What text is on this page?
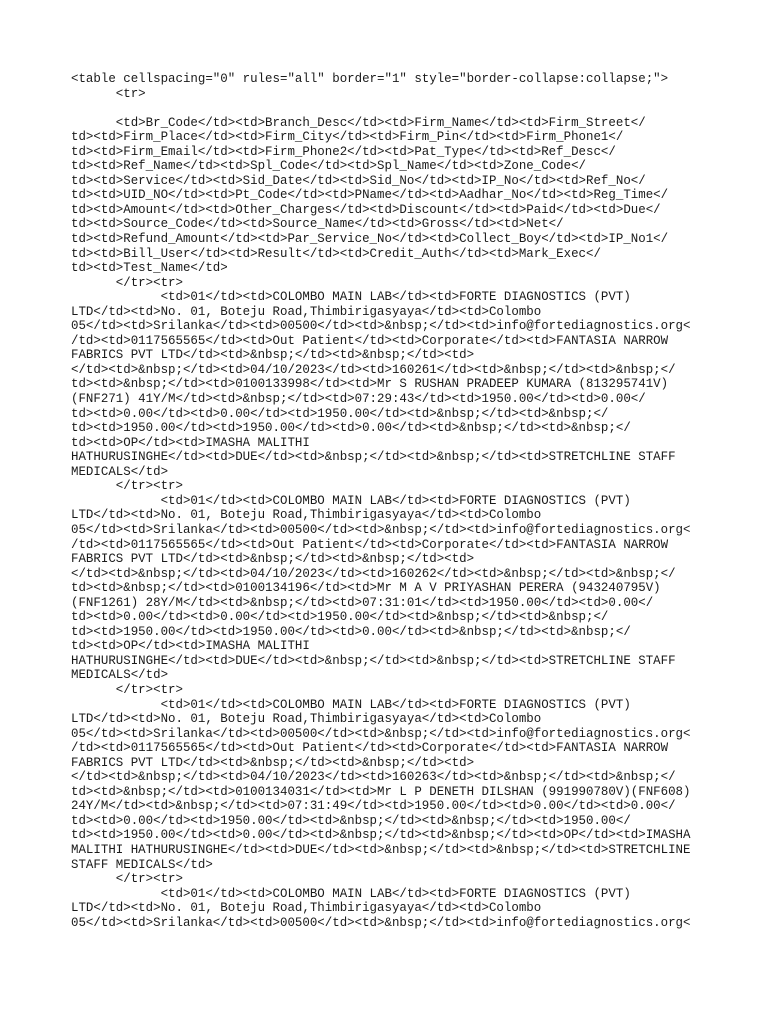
<table cellspacing="0" rules="all" border="1" style="border-collapse:collapse;">
<tr>
<td>Br_Code</td><td>Branch_Desc</td><td>Firm_Name</td><td>Firm_Street</
td><td>Firm_Place</td><td>Firm_City</td><td>Firm_Pin</td><td>Firm_Phone1</
td><td>Firm_Email</td><td>Firm_Phone2</td><td>Pat_Type</td><td>Ref_Desc</
td><td>Ref_Name</td><td>Spl_Code</td><td>Spl_Name</td><td>Zone_Code</
td><td>Service</td><td>Sid_Date</td><td>Sid_No</td><td>IP_No</td><td>Ref_No</
td><td>UID_NO</td><td>Pt_Code</td><td>PName</td><td>Aadhar_No</td><td>Reg_Time</
td><td>Amount</td><td>Other_Charges</td><td>Discount</td><td>Paid</td><td>Due</
td><td>Source_Code</td><td>Source_Name</td><td>Gross</td><td>Net</
td><td>Refund_Amount</td><td>Par_Service_No</td><td>Collect_Boy</td><td>IP_No1</
td><td>Bill_User</td><td>Result</td><td>Credit_Auth</td><td>Mark_Exec</
td><td>Test_Name</td>
</tr><tr>
<td>01</td><td>COLOMBO MAIN LAB</td><td>FORTE DIAGNOSTICS (PVT)
LTD</td><td>No. 01, Boteju Road,Thimbirigasyaya</td><td>Colombo
05</td><td>Srilanka</td><td>00500</td><td>&nbsp;</td><td>info@fortediagnostics.org<
/td><td>0117565565</td><td>Out Patient</td><td>Corporate</td><td>FANTASIA NARROW
FABRICS PVT LTD</td><td>&nbsp;</td><td>&nbsp;</td><td>
</td><td>&nbsp;</td><td>04/10/2023</td><td>160261</td><td>&nbsp;</td><td>&nbsp;</
td><td>&nbsp;</td><td>0100133998</td><td>Mr S RUSHAN PRADEEP KUMARA (813295741V)
(FNF271) 41Y/M</td><td>&nbsp;</td><td>07:29:43</td><td>1950.00</td><td>0.00</
td><td>0.00</td><td>0.00</td><td>1950.00</td><td>&nbsp;</td><td>&nbsp;</
td><td>1950.00</td><td>1950.00</td><td>0.00</td><td>&nbsp;</td><td>&nbsp;</
td><td>OP</td><td>IMASHA MALITHI
HATHURUSINGHE</td><td>DUE</td><td>&nbsp;</td><td>&nbsp;</td><td>STRETCHLINE STAFF
MEDICALS</td>
</tr><tr>
<td>01</td><td>COLOMBO MAIN LAB</td><td>FORTE DIAGNOSTICS (PVT)
LTD</td><td>No. 01, Boteju Road,Thimbirigasyaya</td><td>Colombo
05</td><td>Srilanka</td><td>00500</td><td>&nbsp;</td><td>info@fortediagnostics.org<
/td><td>0117565565</td><td>Out Patient</td><td>Corporate</td><td>FANTASIA NARROW
FABRICS PVT LTD</td><td>&nbsp;</td><td>&nbsp;</td><td>
</td><td>&nbsp;</td><td>04/10/2023</td><td>160262</td><td>&nbsp;</td><td>&nbsp;</
td><td>&nbsp;</td><td>0100134196</td><td>Mr M A V PRIYASHAN PERERA (943240795V)
(FNF1261) 28Y/M</td><td>&nbsp;</td><td>07:31:01</td><td>1950.00</td><td>0.00</
td><td>0.00</td><td>0.00</td><td>1950.00</td><td>&nbsp;</td><td>&nbsp;</
td><td>1950.00</td><td>1950.00</td><td>0.00</td><td>&nbsp;</td><td>&nbsp;</
td><td>OP</td><td>IMASHA MALITHI
HATHURUSINGHE</td><td>DUE</td><td>&nbsp;</td><td>&nbsp;</td><td>STRETCHLINE STAFF
MEDICALS</td>
</tr><tr>
<td>01</td><td>COLOMBO MAIN LAB</td><td>FORTE DIAGNOSTICS (PVT)
LTD</td><td>No. 01, Boteju Road,Thimbirigasyaya</td><td>Colombo
05</td><td>Srilanka</td><td>00500</td><td>&nbsp;</td><td>info@fortediagnostics.org<
/td><td>0117565565</td><td>Out Patient</td><td>Corporate</td><td>FANTASIA NARROW
FABRICS PVT LTD</td><td>&nbsp;</td><td>&nbsp;</td><td>
</td><td>&nbsp;</td><td>04/10/2023</td><td>160263</td><td>&nbsp;</td><td>&nbsp;</
td><td>&nbsp;</td><td>0100134031</td><td>Mr L P DENETH DILSHAN (991990780V)(FNF608)
24Y/M</td><td>&nbsp;</td><td>07:31:49</td><td>1950.00</td><td>0.00</td><td>0.00</
td><td>0.00</td><td>1950.00</td><td>&nbsp;</td><td>&nbsp;</td><td>1950.00</
td><td>1950.00</td><td>0.00</td><td>&nbsp;</td><td>&nbsp;</td><td>OP</td><td>IMASHA
MALITHI HATHURUSINGHE</td><td>DUE</td><td>&nbsp;</td><td>&nbsp;</td><td>STRETCHLINE
STAFF MEDICALS</td>
</tr><tr>
<td>01</td><td>COLOMBO MAIN LAB</td><td>FORTE DIAGNOSTICS (PVT)
LTD</td><td>No. 01, Boteju Road,Thimbirigasyaya</td><td>Colombo
05</td><td>Srilanka</td><td>00500</td><td>&nbsp;</td><td>info@fortediagnostics.org<
